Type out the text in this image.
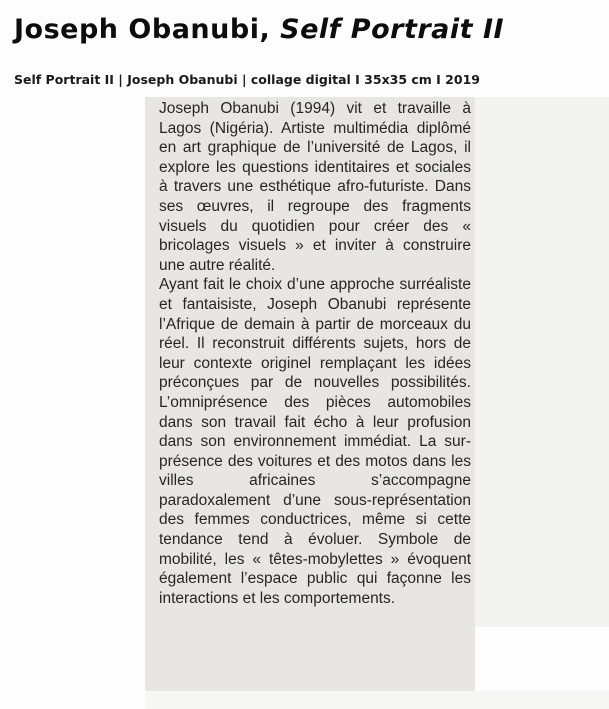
Joseph Obanubi, Self Portrait II
Self Portrait II | Joseph Obanubi | collage digital I 35x35 cm I 2019

Joseph Obanubi (1994) vit et travaille à Lagos (Nigéria). Artiste multimédia diplômé en art graphique de l’université de Lagos, il explore les questions identitaires et sociales à travers une esthétique afro-futuriste. Dans ses œuvres, il regroupe des fragments visuels du quotidien pour créer des « bricolages visuels » et inviter à construire une autre réalité.

Ayant fait le choix d’une approche surréaliste et fantaisiste, Joseph Obanubi représente l’Afrique de demain à partir de morceaux du réel. Il reconstruit différents sujets, hors de leur contexte originel remplaçant les idées préconçues par de nouvelles possibilités. L’omniprésence des pièces automobiles dans son travail fait écho à leur profusion dans son environnement immédiat. La sur-présence des voitures et des motos dans les villes africaines s’accompagne paradoxalement d’une sous-représentation des femmes conductrices, même si cette tendance tend à évoluer. Symbole de mobilité, les « têtes-mobylettes » évoquent également l’espace public qui façonne les interactions et les comportements.
